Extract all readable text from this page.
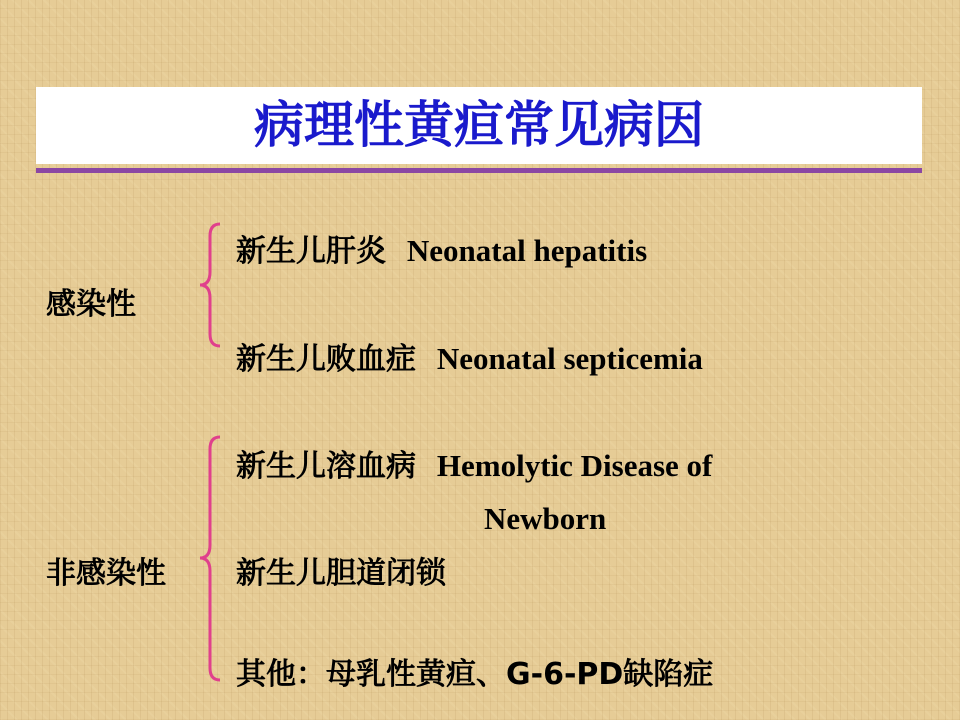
病理性黄疸常见病因
感染性
新生儿肝炎 Neonatal hepatitis
新生儿败血症 Neonatal septicemia
非感染性
新生儿溶血病 Hemolytic Disease of
Newborn
新生儿胆道闭锁
其他：母乳性黄疸、G-6-PD缺陷症
